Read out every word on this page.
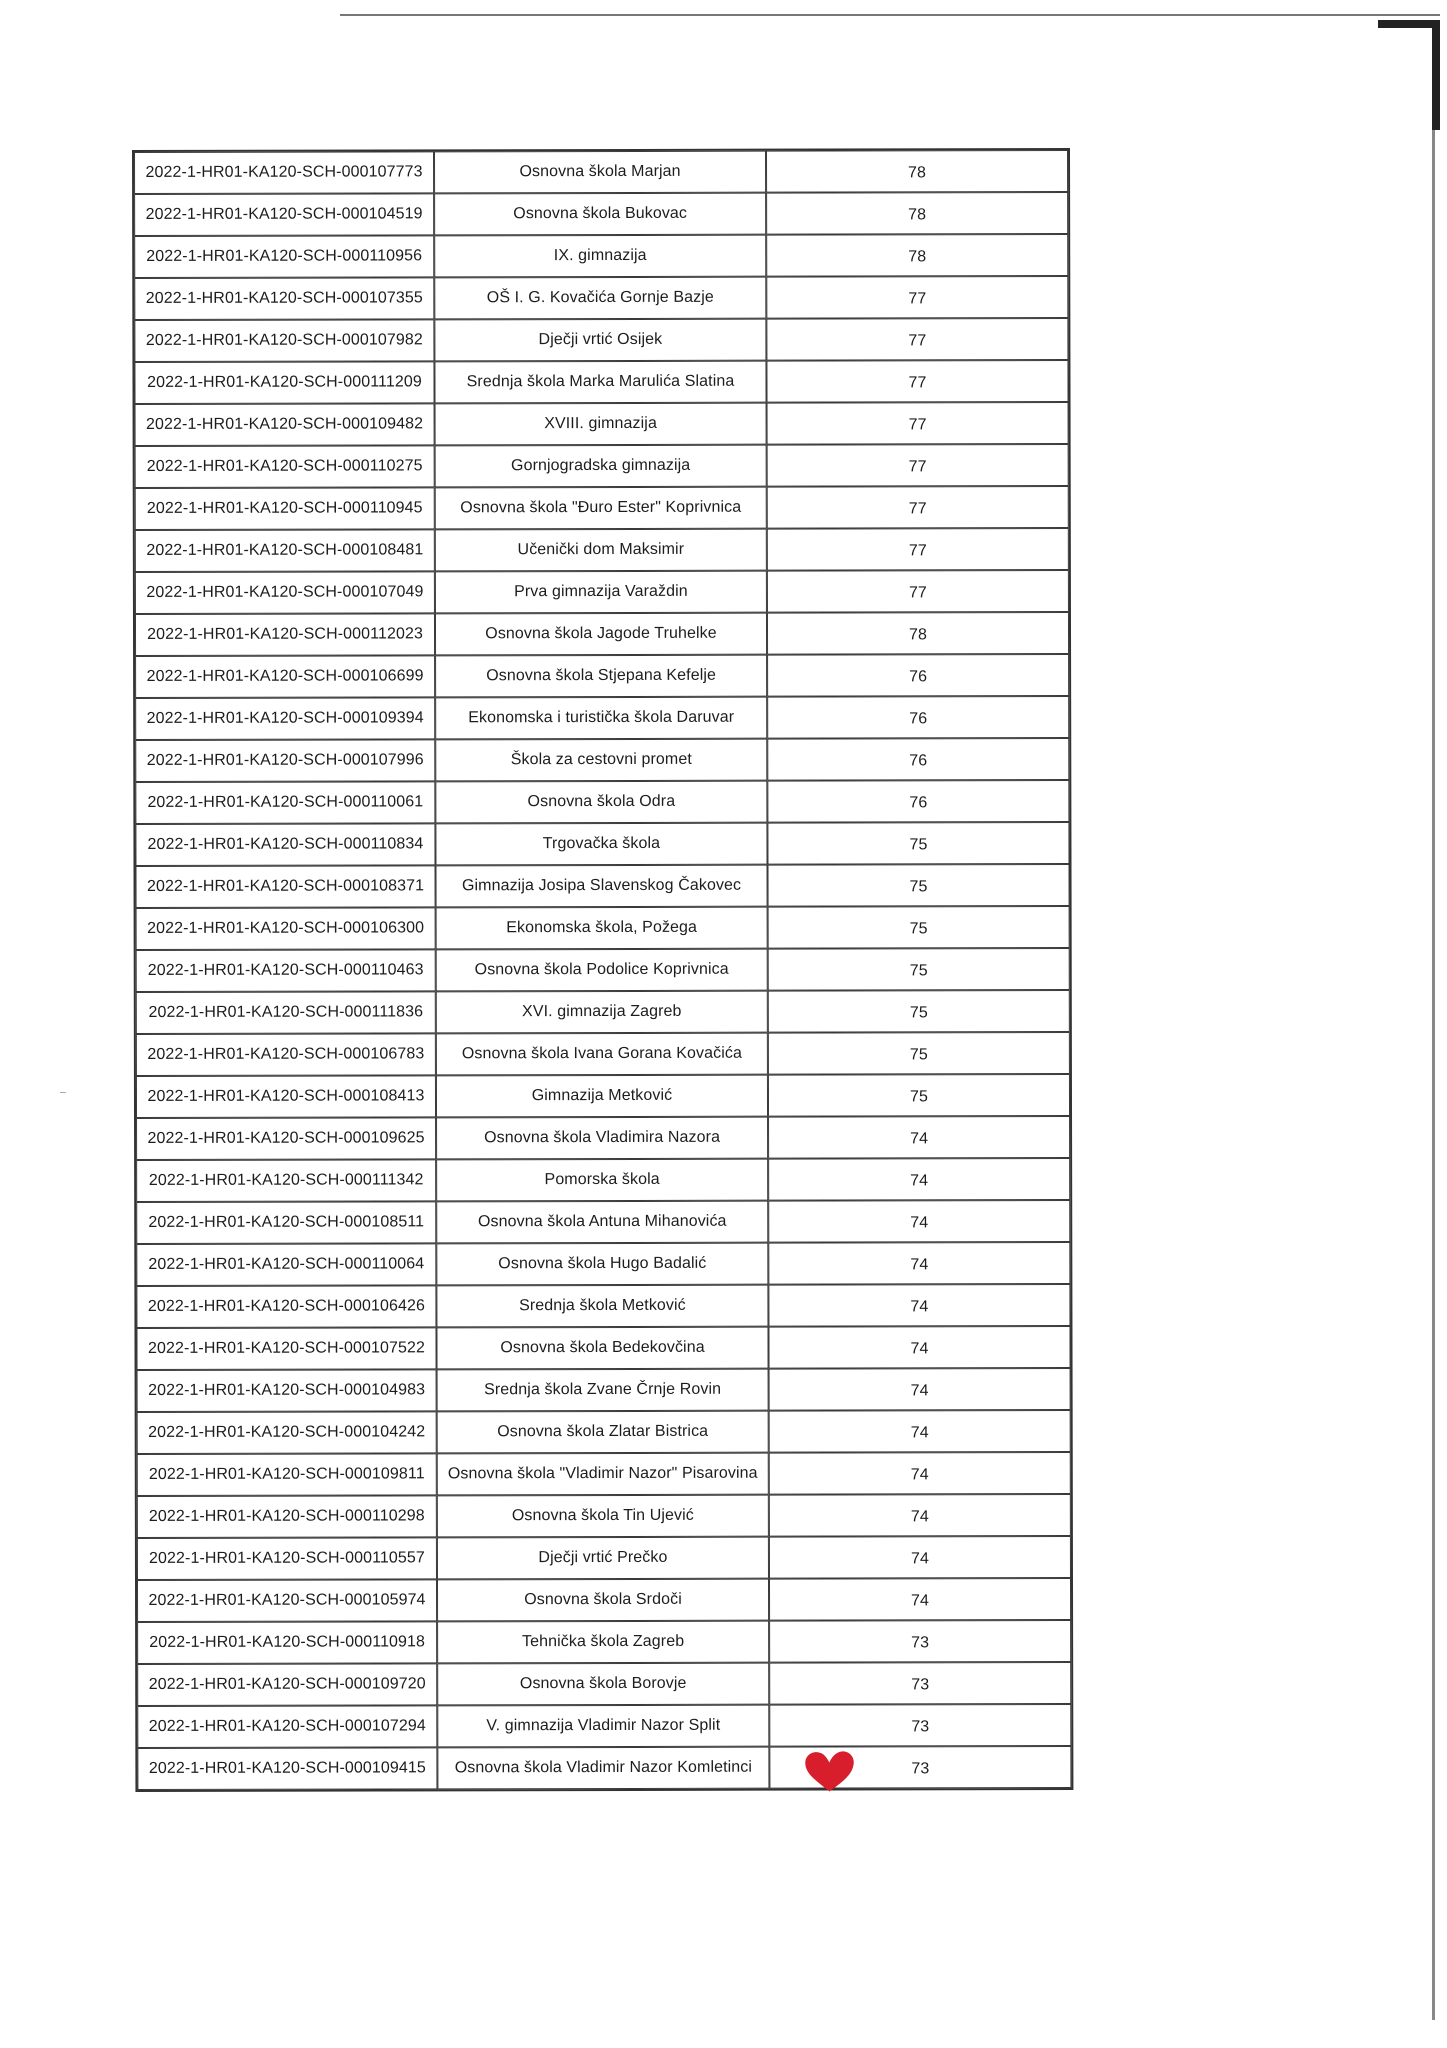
2022-1-HR01-KA120-SCH-000107773	Osnovna škola Marjan	78
2022-1-HR01-KA120-SCH-000104519	Osnovna škola Bukovac	78
2022-1-HR01-KA120-SCH-000110956	IX. gimnazija	78
2022-1-HR01-KA120-SCH-000107355	OŠ I. G. Kovačića Gornje Bazje	77
2022-1-HR01-KA120-SCH-000107982	Dječji vrtić Osijek	77
2022-1-HR01-KA120-SCH-000111209	Srednja škola Marka Marulića Slatina	77
2022-1-HR01-KA120-SCH-000109482	XVIII. gimnazija	77
2022-1-HR01-KA120-SCH-000110275	Gornjogradska gimnazija	77
2022-1-HR01-KA120-SCH-000110945	Osnovna škola "Đuro Ester" Koprivnica	77
2022-1-HR01-KA120-SCH-000108481	Učenički dom Maksimir	77
2022-1-HR01-KA120-SCH-000107049	Prva gimnazija Varaždin	77
2022-1-HR01-KA120-SCH-000112023	Osnovna škola Jagode Truhelke	78
2022-1-HR01-KA120-SCH-000106699	Osnovna škola Stjepana Kefelje	76
2022-1-HR01-KA120-SCH-000109394	Ekonomska i turistička škola Daruvar	76
2022-1-HR01-KA120-SCH-000107996	Škola za cestovni promet	76
2022-1-HR01-KA120-SCH-000110061	Osnovna škola Odra	76
2022-1-HR01-KA120-SCH-000110834	Trgovačka škola	75
2022-1-HR01-KA120-SCH-000108371	Gimnazija Josipa Slavenskog Čakovec	75
2022-1-HR01-KA120-SCH-000106300	Ekonomska škola, Požega	75
2022-1-HR01-KA120-SCH-000110463	Osnovna škola Podolice Koprivnica	75
2022-1-HR01-KA120-SCH-000111836	XVI. gimnazija Zagreb	75
2022-1-HR01-KA120-SCH-000106783	Osnovna škola Ivana Gorana Kovačića	75
2022-1-HR01-KA120-SCH-000108413	Gimnazija Metković	75
2022-1-HR01-KA120-SCH-000109625	Osnovna škola Vladimira Nazora	74
2022-1-HR01-KA120-SCH-000111342	Pomorska škola	74
2022-1-HR01-KA120-SCH-000108511	Osnovna škola Antuna Mihanovića	74
2022-1-HR01-KA120-SCH-000110064	Osnovna škola Hugo Badalić	74
2022-1-HR01-KA120-SCH-000106426	Srednja škola Metković	74
2022-1-HR01-KA120-SCH-000107522	Osnovna škola Bedekovčina	74
2022-1-HR01-KA120-SCH-000104983	Srednja škola Zvane Črnje Rovin	74
2022-1-HR01-KA120-SCH-000104242	Osnovna škola Zlatar Bistrica	74
2022-1-HR01-KA120-SCH-000109811	Osnovna škola "Vladimir Nazor" Pisarovina	74
2022-1-HR01-KA120-SCH-000110298	Osnovna škola Tin Ujević	74
2022-1-HR01-KA120-SCH-000110557	Dječji vrtić Prečko	74
2022-1-HR01-KA120-SCH-000105974	Osnovna škola Srdoči	74
2022-1-HR01-KA120-SCH-000110918	Tehnička škola Zagreb	73
2022-1-HR01-KA120-SCH-000109720	Osnovna škola Borovje	73
2022-1-HR01-KA120-SCH-000107294	V. gimnazija Vladimir Nazor Split	73
2022-1-HR01-KA120-SCH-000109415	Osnovna škola Vladimir Nazor Komletinci	73
